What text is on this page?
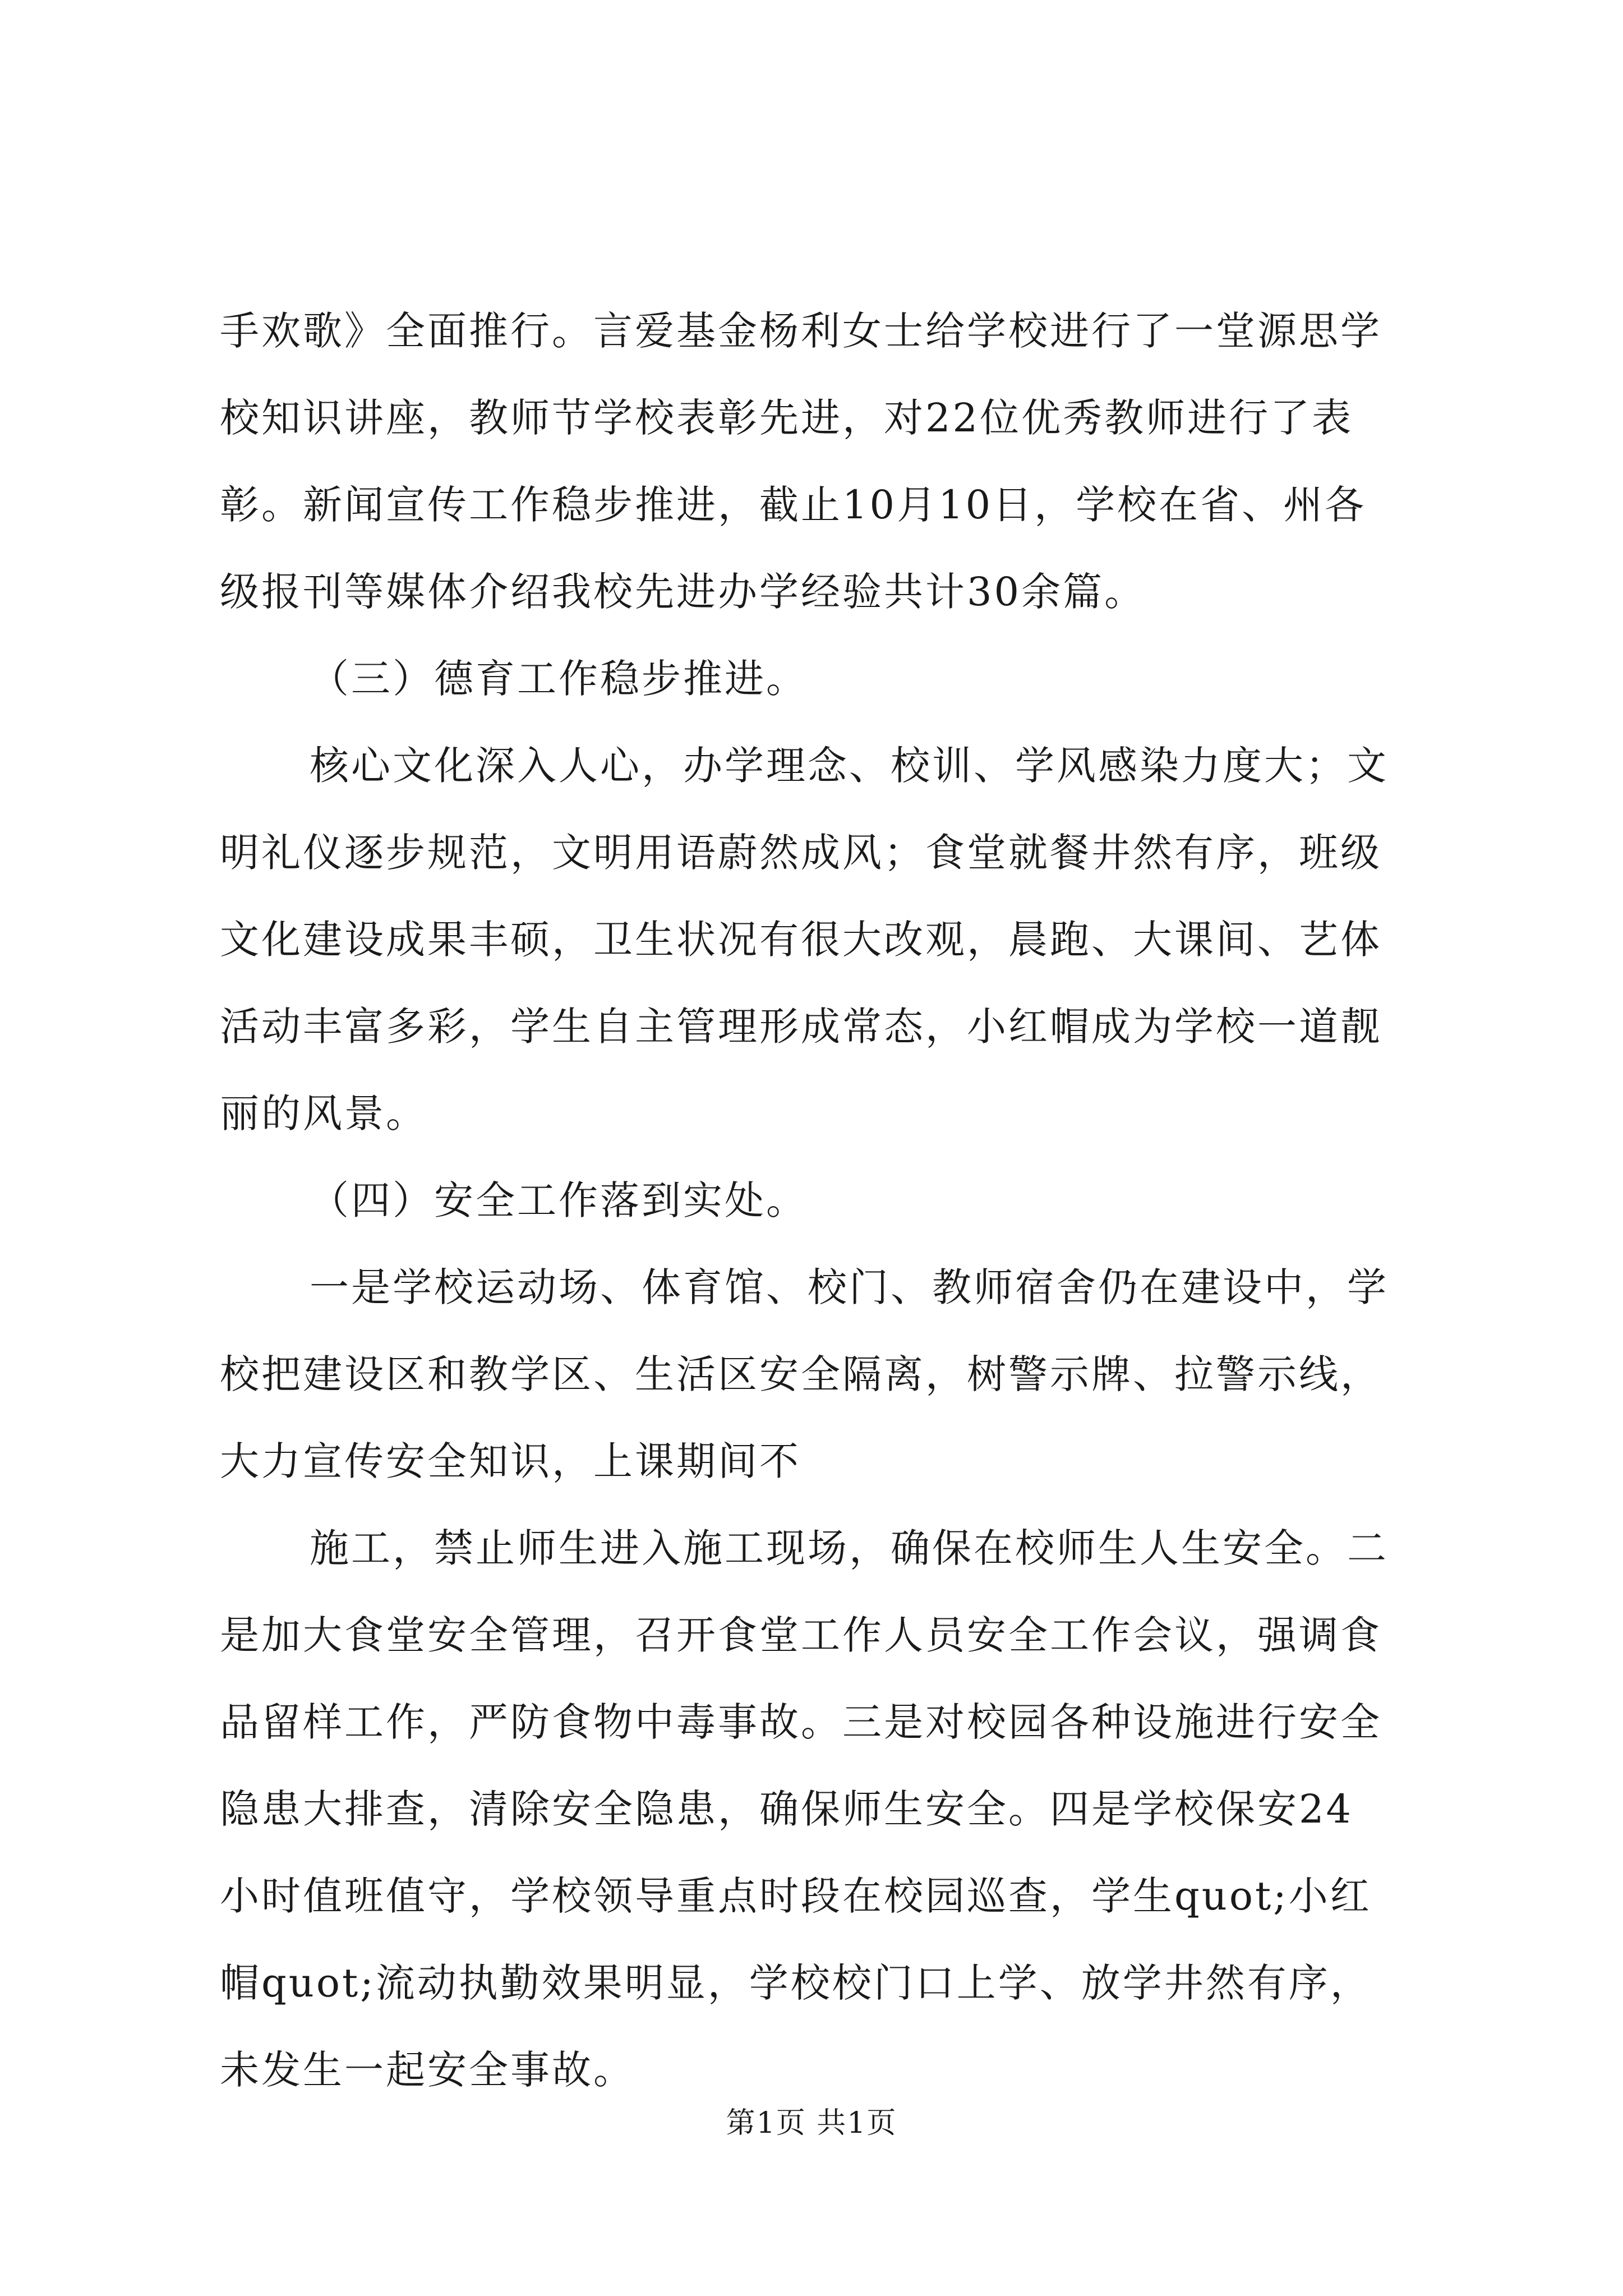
手欢歌》全面推行。言爱基金杨利女士给学校进行了一堂源思学
校知识讲座，教师节学校表彰先进，对22位优秀教师进行了表
彰。新闻宣传工作稳步推进，截止10月10日，学校在省、州各
级报刊等媒体介绍我校先进办学经验共计30余篇。
（三）德育工作稳步推进。
核心文化深入人心，办学理念、校训、学风感染力度大；文
明礼仪逐步规范，文明用语蔚然成风；食堂就餐井然有序，班级
文化建设成果丰硕，卫生状况有很大改观，晨跑、大课间、艺体
活动丰富多彩，学生自主管理形成常态，小红帽成为学校一道靓
丽的风景。
（四）安全工作落到实处。
一是学校运动场、体育馆、校门、教师宿舍仍在建设中，学
校把建设区和教学区、生活区安全隔离，树警示牌、拉警示线，
大力宣传安全知识，上课期间不
施工，禁止师生进入施工现场，确保在校师生人生安全。二
是加大食堂安全管理，召开食堂工作人员安全工作会议，强调食
品留样工作，严防食物中毒事故。三是对校园各种设施进行安全
隐患大排查，清除安全隐患，确保师生安全。四是学校保安24
小时值班值守，学校领导重点时段在校园巡查，学生quot;小红
帽quot;流动执勤效果明显，学校校门口上学、放学井然有序，
未发生一起安全事故。
第1页 共1页
